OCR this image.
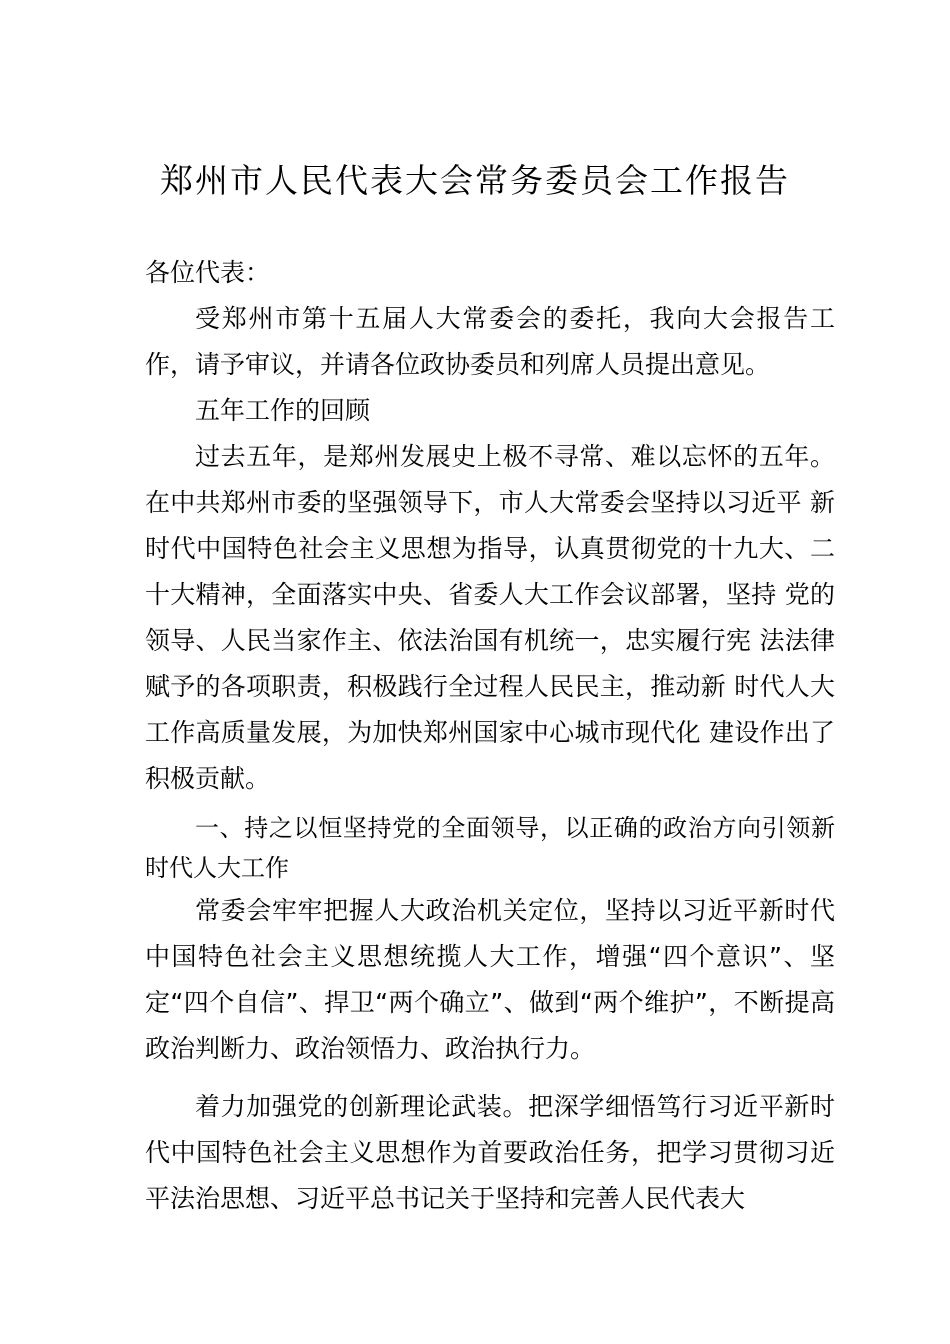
郑州市人民代表大会常务委员会工作报告

各位代表：

受郑州市第十五届人大常委会的委托，我向大会报告工作，请予审议，并请各位政协委员和列席人员提出意见。

五年工作的回顾

过去五年，是郑州发展史上极不寻常、难以忘怀的五年。在中共郑州市委的坚强领导下，市人大常委会坚持以习近平 新时代中国特色社会主义思想为指导，认真贯彻党的十九大、二十大精神，全面落实中央、省委人大工作会议部署，坚持 党的领导、人民当家作主、依法治国有机统一，忠实履行宪 法法律赋予的各项职责，积极践行全过程人民民主，推动新 时代人大工作高质量发展，为加快郑州国家中心城市现代化 建设作出了积极贡献。

一、持之以恒坚持党的全面领导，以正确的政治方向引领新时代人大工作

常委会牢牢把握人大政治机关定位，坚持以习近平新时代中国特色社会主义思想统揽人大工作，增强“四个意识”、坚定“四个自信”、捍卫“两个确立”、做到“两个维护”，不断提高政治判断力、政治领悟力、政治执行力。

着力加强党的创新理论武装。把深学细悟笃行习近平新时代中国特色社会主义思想作为首要政治任务，把学习贯彻习近平法治思想、习近平总书记关于坚持和完善人民代表大
